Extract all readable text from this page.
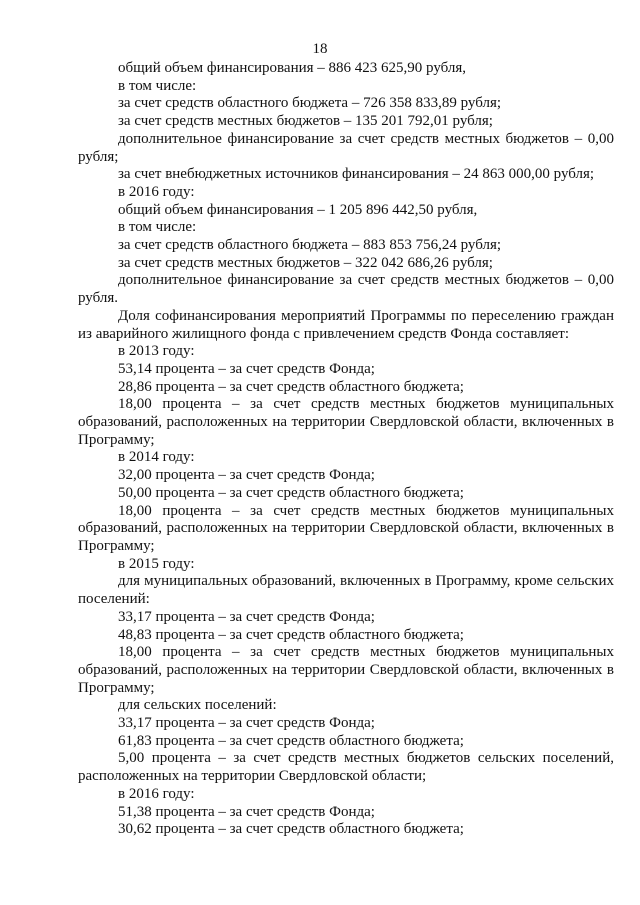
18

общий объем финансирования – 886 423 625,90 рубля,

в том числе:

за счет средств областного бюджета – 726 358 833,89 рубля;

за счет средств местных бюджетов – 135 201 792,01 рубля;

дополнительное финансирование за счет средств местных бюджетов – 0,00 рубля;

за счет внебюджетных источников финансирования – 24 863 000,00 рубля;

в 2016 году:

общий объем финансирования – 1 205 896 442,50 рубля,

в том числе:

за счет средств областного бюджета – 883 853 756,24 рубля;

за счет средств местных бюджетов – 322 042 686,26 рубля;

дополнительное финансирование за счет средств местных бюджетов – 0,00 рубля.

Доля софинансирования мероприятий Программы по переселению граждан из аварийного жилищного фонда с привлечением средств Фонда составляет:

в 2013 году:

53,14 процента – за счет средств Фонда;

28,86 процента – за счет средств областного бюджета;

18,00 процента – за счет средств местных бюджетов муниципальных образований, расположенных на территории Свердловской области, включенных в Программу;

в 2014 году:

32,00 процента – за счет средств Фонда;

50,00 процента – за счет средств областного бюджета;

18,00 процента – за счет средств местных бюджетов муниципальных образований, расположенных на территории Свердловской области, включенных в Программу;

в 2015 году:

для муниципальных образований, включенных в Программу, кроме сельских поселений:

33,17 процента – за счет средств Фонда;

48,83 процента – за счет средств областного бюджета;

18,00 процента – за счет средств местных бюджетов муниципальных образований, расположенных на территории Свердловской области, включенных в Программу;

для сельских поселений:

33,17 процента – за счет средств Фонда;

61,83 процента – за счет средств областного бюджета;

5,00 процента – за счет средств местных бюджетов сельских поселений, расположенных на территории Свердловской области;

в 2016 году:

51,38 процента – за счет средств Фонда;

30,62 процента – за счет средств областного бюджета;
